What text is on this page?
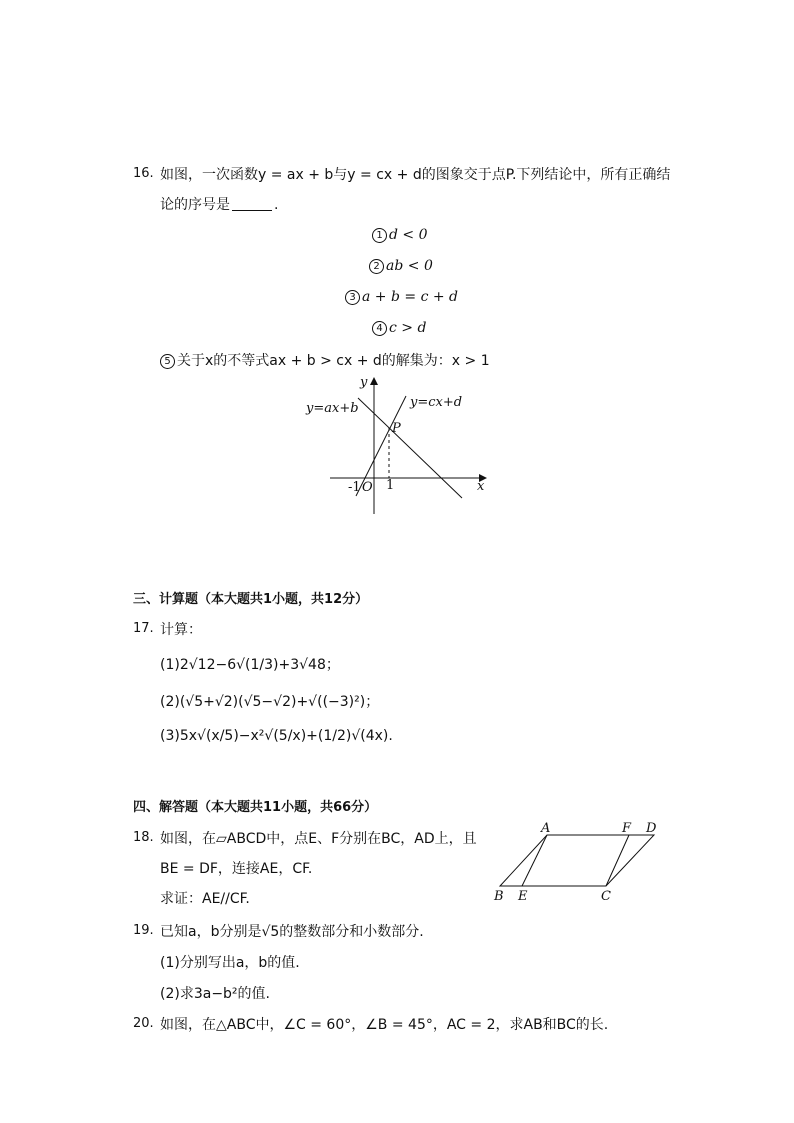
16. 如图，一次函数y = ax + b与y = cx + d的图象交于点P.下列结论中，所有正确结
论的序号是	.
1 d < 0
2 ab < 0
3 a + b = c + d
4 c > d
5 关于x的不等式ax + b > cx + d的解集为：x > 1
y
x
y=ax+b	y=cx+d
P
O
-1 1
三、计算题（本大题共1小题，共12分）
17. 计算：
(1)2√12−6√(1/3)+3√48；
(2)(√5+√2)(√5−√2)+√((−3)²)；
(3)5x√(x/5)−x²√(5/x)+(1/2)√(4x).
四、解答题（本大题共11小题，共66分）
18. 如图，在▱ABCD中，点E、F分别在BC，AD上，且
BE = DF，连接AE，CF.
求证：AE//CF.
A	F D
B E	C
19. 已知a，b分别是√5的整数部分和小数部分.
(1)分别写出a，b的值.
(2)求3a−b²的值.
20. 如图，在△ABC中，∠C = 60°，∠B = 45°，AC = 2，求AB和BC的长.
